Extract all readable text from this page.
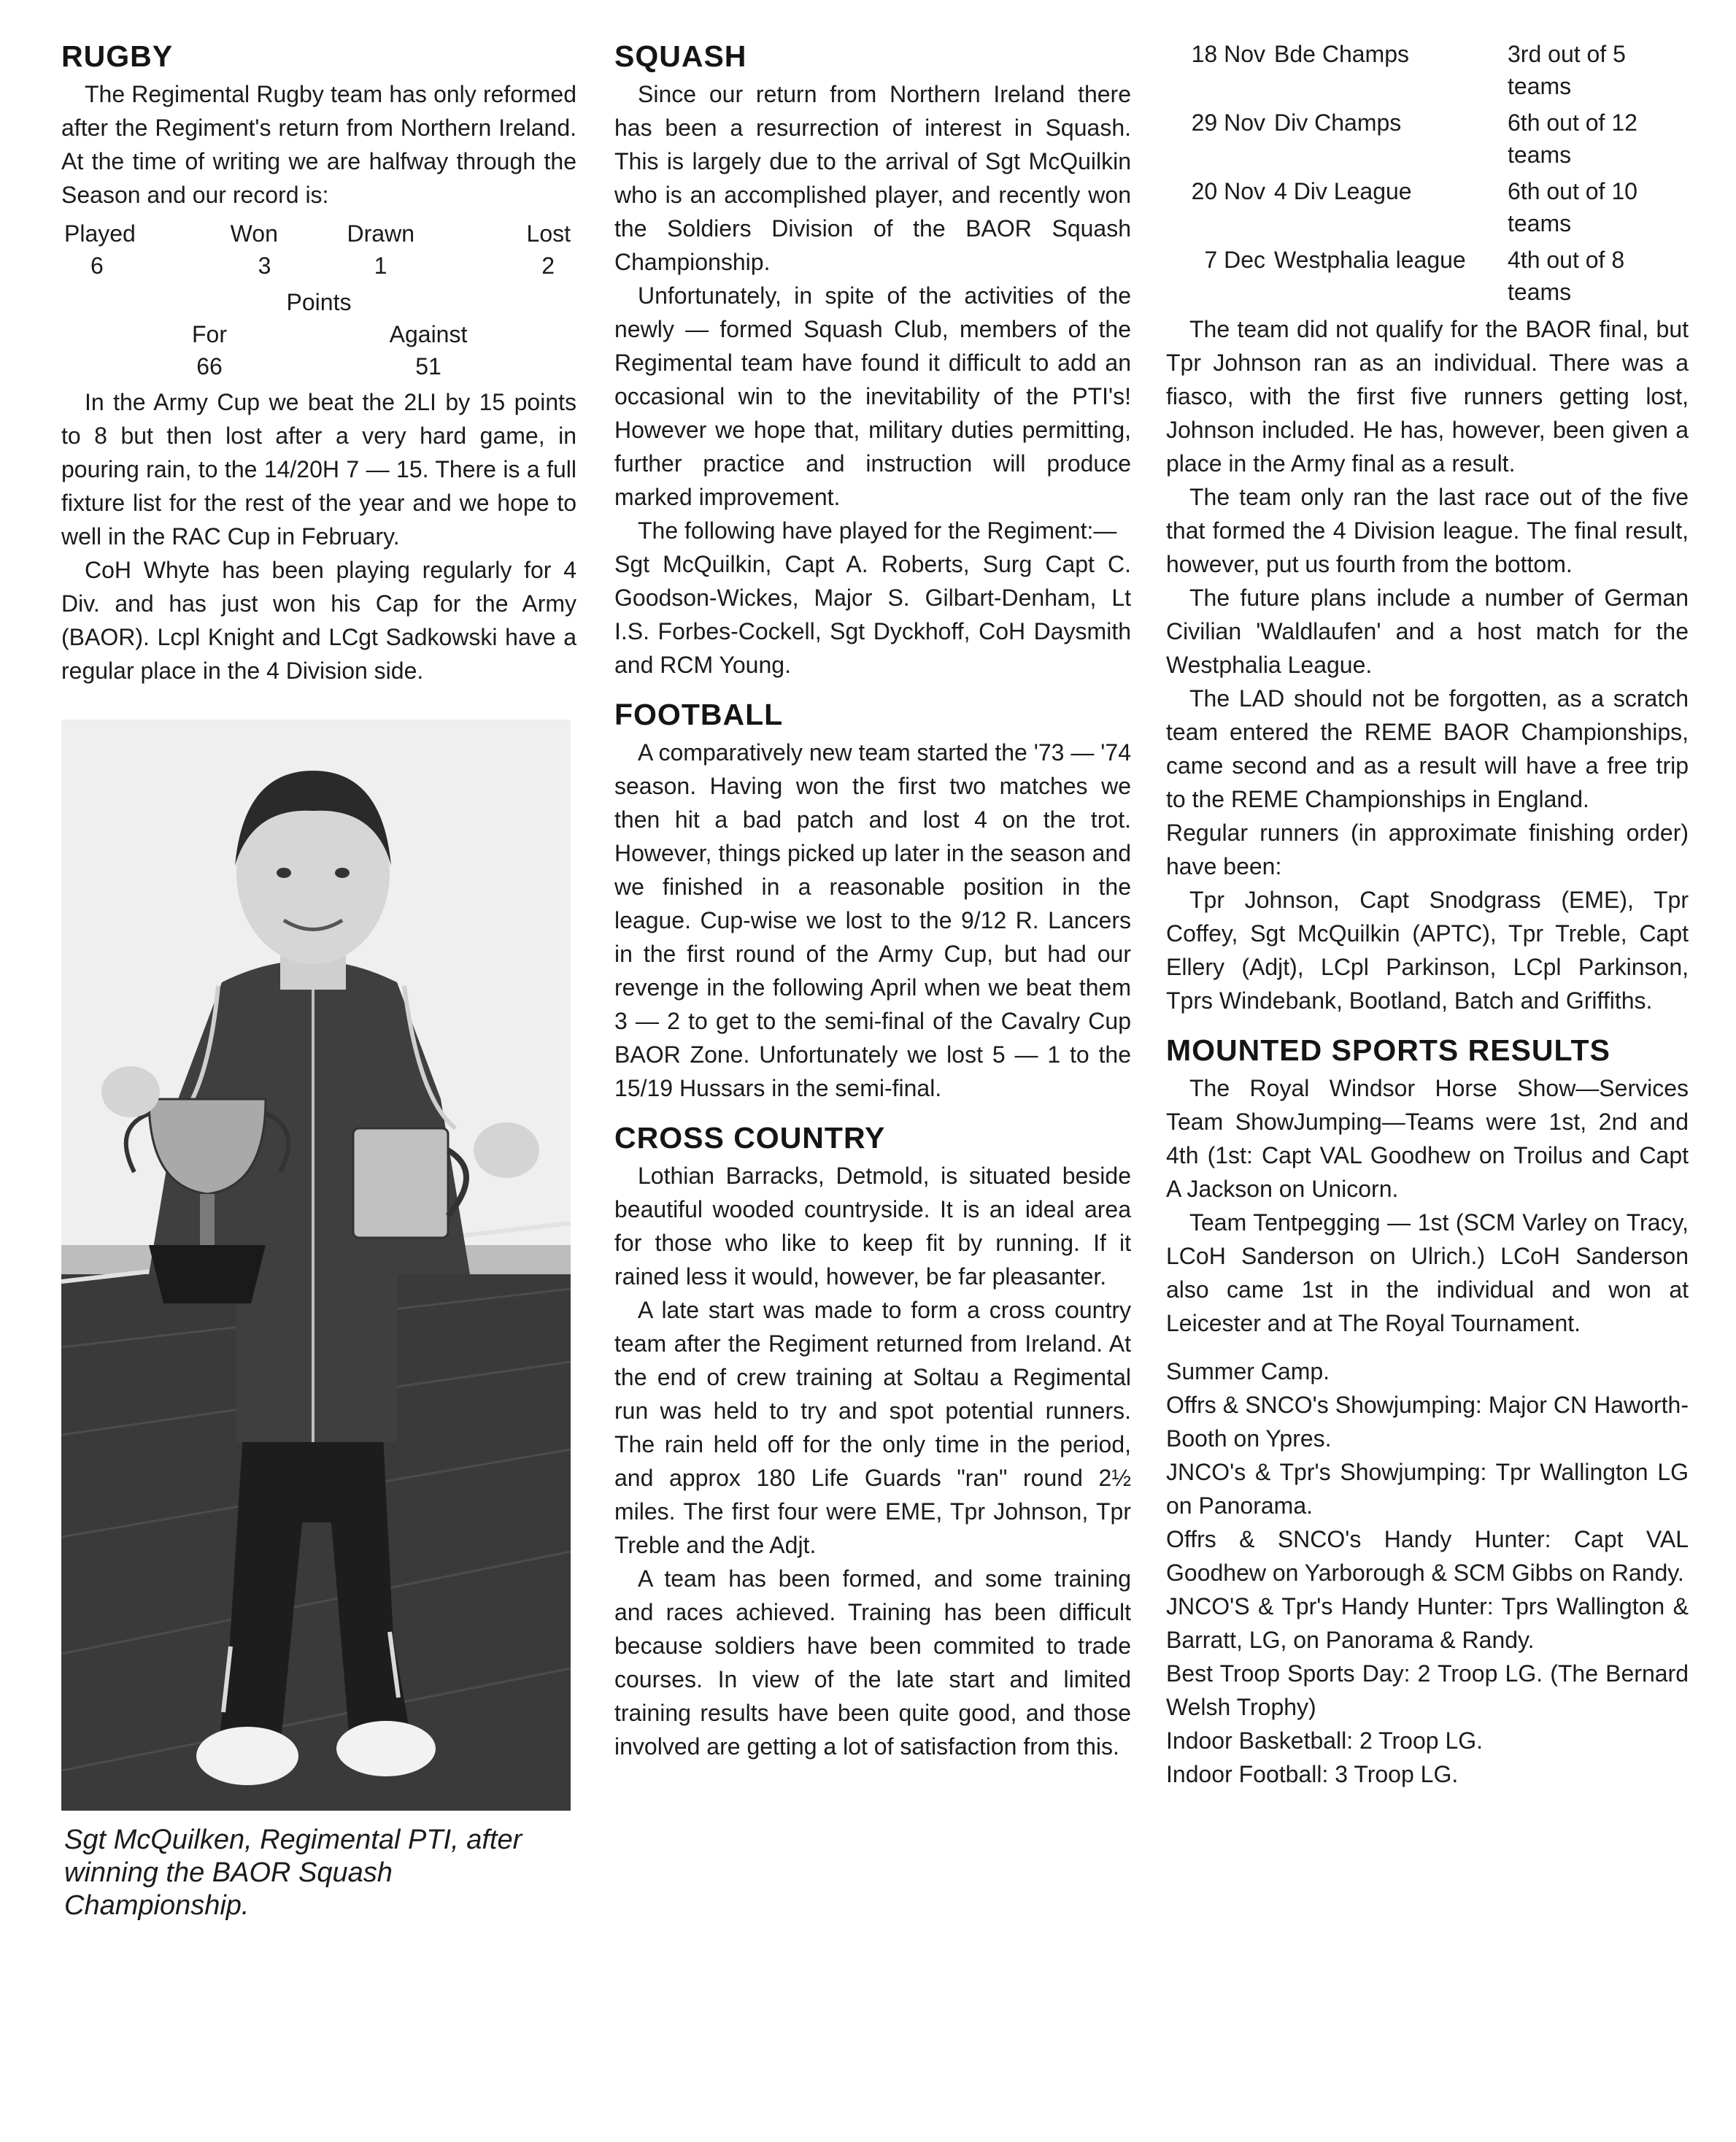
RUGBY

The Regimental Rugby team has only reformed after the Regiment's return from Northern Ireland. At the time of writing we are halfway through the Season and our record is:

Played	Won	Drawn	Lost
6	3	1	2
Points
For	Against
66	51

In the Army Cup we beat the 2LI by 15 points to 8 but then lost after a very hard game, in pouring rain, to the 14/20H 7 — 15. There is a full fixture list for the rest of the year and we hope to well in the RAC Cup in February.

CoH Whyte has been playing regularly for 4 Div. and has just won his Cap for the Army (BAOR). Lcpl Knight and LCgt Sadkowski have a regular place in the 4 Division side.

Sgt McQuilken, Regimental PTI, after winning the BAOR Squash Championship.

SQUASH

Since our return from Northern Ireland there has been a resurrection of interest in Squash. This is largely due to the arrival of Sgt McQuilkin who is an accomplished player, and recently won the Soldiers Division of the BAOR Squash Championship.

Unfortunately, in spite of the activities of the newly — formed Squash Club, members of the Regimental team have found it difficult to add an occasional win to the inevitability of the PTI's! However we hope that, military duties permitting, further practice and instruction will produce marked improvement.

The following have played for the Regiment:—

Sgt McQuilkin, Capt A. Roberts, Surg Capt C. Goodson-Wickes, Major S. Gilbart-Denham, Lt I.S. Forbes-Cockell, Sgt Dyckhoff, CoH Daysmith and RCM Young.

FOOTBALL

A comparatively new team started the '73 — '74 season. Having won the first two matches we then hit a bad patch and lost 4 on the trot. However, things picked up later in the season and we finished in a reasonable position in the league. Cup-wise we lost to the 9/12 R. Lancers in the first round of the Army Cup, but had our revenge in the following April when we beat them 3 — 2 to get to the semi-final of the Cavalry Cup BAOR Zone. Unfortunately we lost 5 — 1 to the 15/19 Hussars in the semi-final.

CROSS COUNTRY

Lothian Barracks, Detmold, is situated beside beautiful wooded countryside. It is an ideal area for those who like to keep fit by running. If it rained less it would, however, be far pleasanter.

A late start was made to form a cross country team after the Regiment returned from Ireland. At the end of crew training at Soltau a Regimental run was held to try and spot potential runners. The rain held off for the only time in the period, and approx 180 Life Guards "ran" round 2½ miles. The first four were EME, Tpr Johnson, Tpr Treble and the Adjt.

A team has been formed, and some training and races achieved. Training has been difficult because soldiers have been commited to trade courses. In view of the late start and limited training results have been quite good, and those involved are getting a lot of satisfaction from this.

18 Nov Bde Champs	3rd out of 5 teams
29 Nov Div Champs	6th out of 12 teams
20 Nov 4 Div League	6th out of 10 teams
7 Dec Westphalia league	4th out of 8 teams

The team did not qualify for the BAOR final, but Tpr Johnson ran as an individual. There was a fiasco, with the first five runners getting lost, Johnson included. He has, however, been given a place in the Army final as a result.

The team only ran the last race out of the five that formed the 4 Division league. The final result, however, put us fourth from the bottom.

The future plans include a number of German Civilian 'Waldlaufen' and a host match for the Westphalia League.

The LAD should not be forgotten, as a scratch team entered the REME BAOR Championships, came second and as a result will have a free trip to the REME Championships in England.

Regular runners (in approximate finishing order) have been:

Tpr Johnson, Capt Snodgrass (EME), Tpr Coffey, Sgt McQuilkin (APTC), Tpr Treble, Capt Ellery (Adjt), LCpl Parkinson, LCpl Parkinson, Tprs Windebank, Bootland, Batch and Griffiths.

MOUNTED SPORTS RESULTS

The Royal Windsor Horse Show—Services Team ShowJumping—Teams were 1st, 2nd and 4th (1st: Capt VAL Goodhew on Troilus and Capt A Jackson on Unicorn.

Team Tentpegging — 1st (SCM Varley on Tracy, LCoH Sanderson on Ulrich.) LCoH Sanderson also came 1st in the individual and won at Leicester and at The Royal Tournament.

Summer Camp.

Offrs & SNCO's Showjumping: Major CN Haworth-Booth on Ypres.

JNCO's & Tpr's Showjumping: Tpr Wallington LG on Panorama.

Offrs & SNCO's Handy Hunter: Capt VAL Goodhew on Yarborough & SCM Gibbs on Randy.

JNCO'S & Tpr's Handy Hunter: Tprs Wallington & Barratt, LG, on Panorama & Randy.

Best Troop Sports Day: 2 Troop LG. (The Bernard Welsh Trophy)

Indoor Basketball: 2 Troop LG.

Indoor Football: 3 Troop LG.
